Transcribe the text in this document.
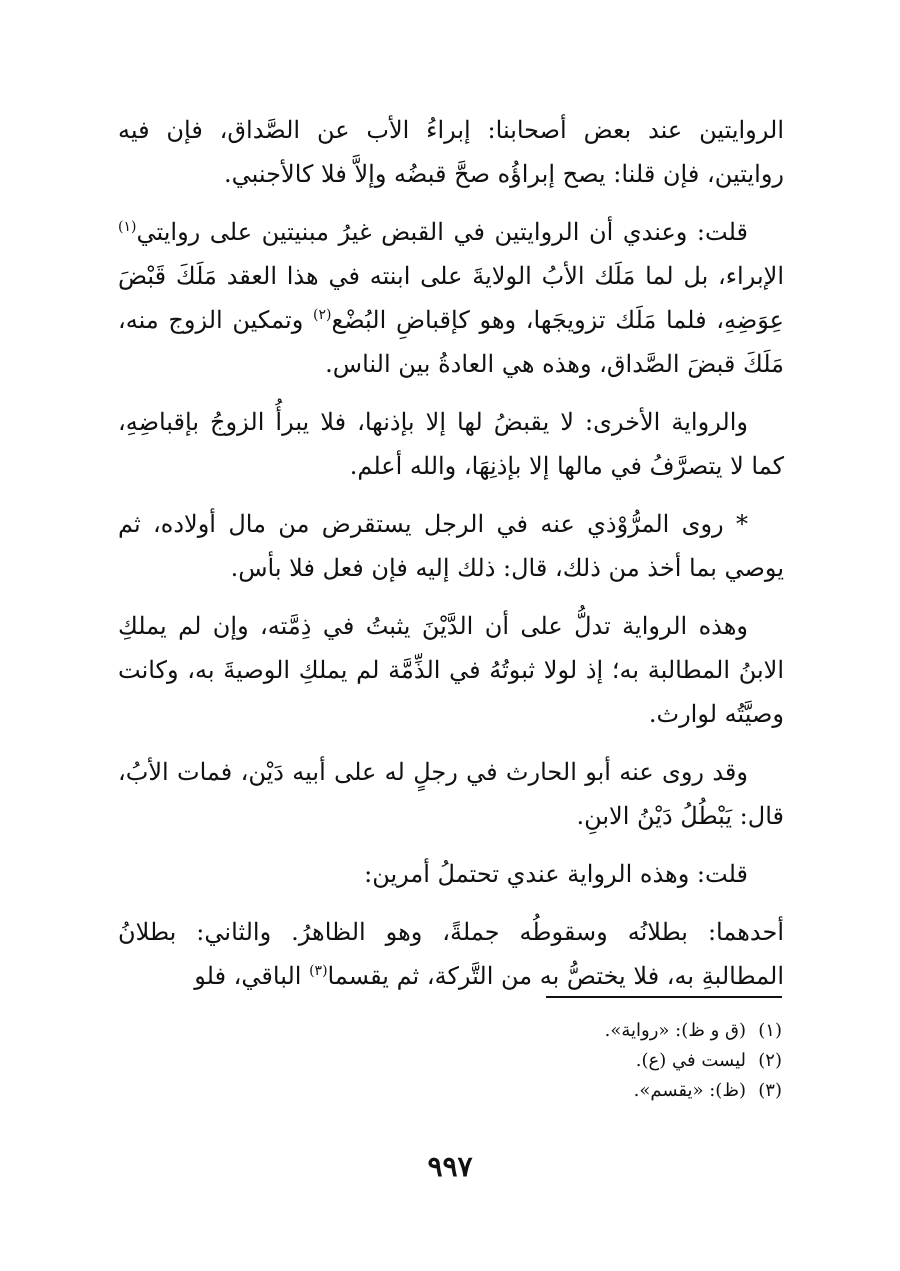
الروايتين عند بعض أصحابنا: إبراءُ الأب عن الصَّداق، فإن فيه روايتين، فإن قلنا: يصح إبراؤُه صحَّ قبضُه وإلاَّ فلا كالأجنبي.

قلت: وعندي أن الروايتين في القبض غيرُ مبنيتين على روايتي$^{(١)}$ الإبراء، بل لما مَلَك الأبُ الولايةَ على ابنته في هذا العقد مَلَكَ قَبْضَ عِوَضِهِ، فلما مَلَك تزويجَها، وهو كإقباضِ البُضْع$^{(٢)}$ وتمكين الزوج منه، مَلَكَ قبضَ الصَّداق، وهذه هي العادةُ بين الناس.

والرواية الأخرى: لا يقبضُ لها إلا بإذنها، فلا يبرأُ الزوجُ بإقباضِهِ، كما لا يتصرَّفُ في مالها إلا بإذنِهَا، والله أعلم.

* روى المرُّوْذي عنه في الرجل يستقرض من مال أولاده، ثم يوصي بما أخذ من ذلك، قال: ذلك إليه فإن فعل فلا بأس.

وهذه الرواية تدلُّ على أن الدَّيْنَ يثبتُ في ذِمَّته، وإن لم يملكِ الابنُ المطالبة به؛ إذ لولا ثبوتُهُ في الذِّمَّة لم يملكِ الوصيةَ به، وكانت وصيَّتُه لوارث.

وقد روى عنه أبو الحارث في رجلٍ له على أبيه دَيْن، فمات الأبُ، قال: يَبْطُلُ دَيْنُ الابنِ.

قلت: وهذه الرواية عندي تحتملُ أمرين:

أحدهما: بطلانُه وسقوطُه جملةً، وهو الظاهرُ. والثاني: بطلانُ المطالبةِ به، فلا يختصُّ به من التَّركة، ثم يقسما$^{(٣)}$ الباقي، فلو

(١)
(ق و ظ): «رواية».
(٢)
ليست في (ع).
(٣)
(ظ): «يقسم».
٩٩٧
